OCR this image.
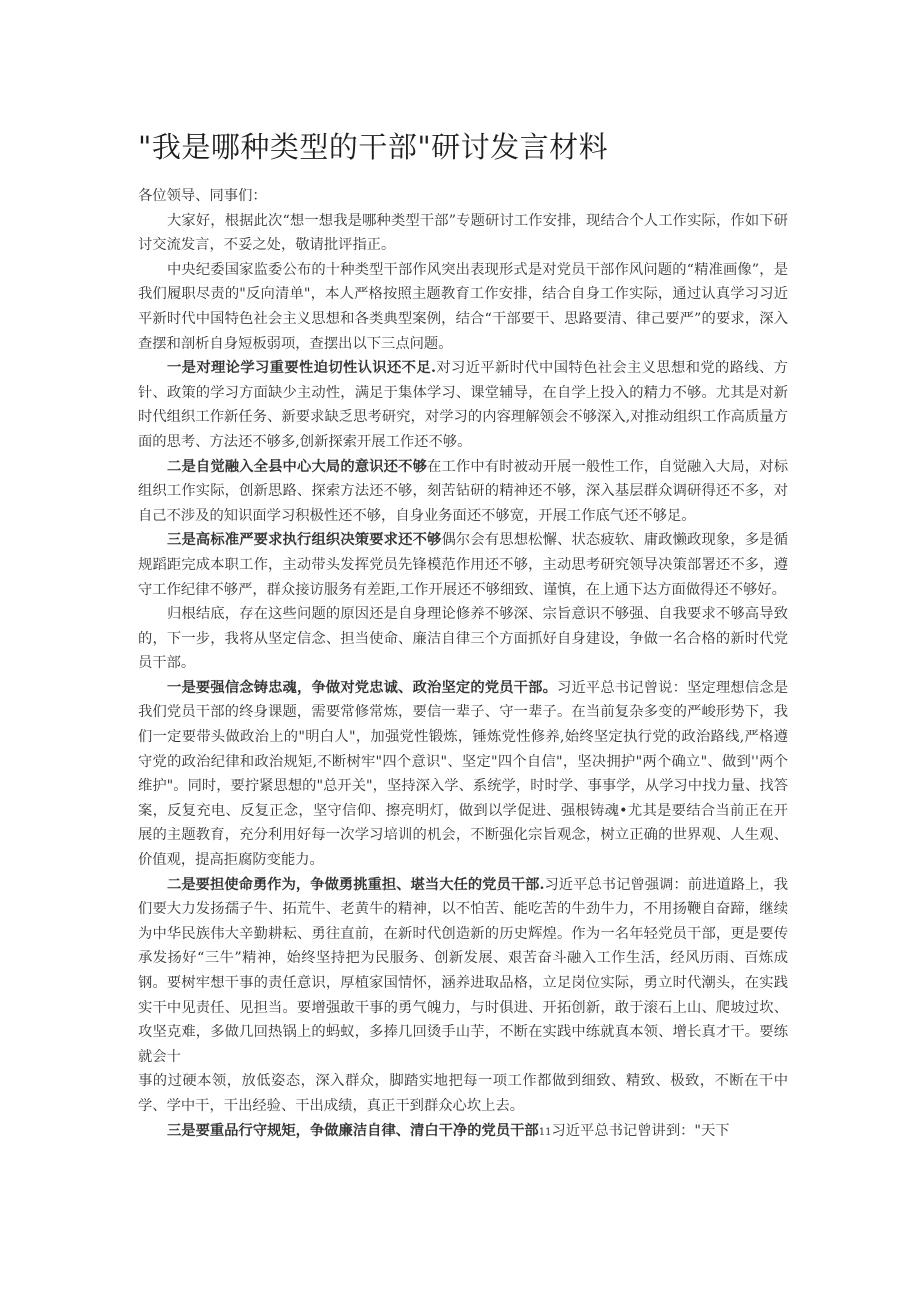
"我是哪种类型的干部"研讨发言材料

各位领导、同事们：

大家好，根据此次“想一想我是哪种类型干部”专题研讨工作安排，现结合个人工作实际，作如下研讨交流发言，不妥之处，敬请批评指正。

中央纪委国家监委公布的十种类型干部作风突出表现形式是对党员干部作风问题的“精准画像”，是我们履职尽责的"反向清单"，本人严格按照主题教育工作安排，结合自身工作实际，通过认真学习习近平新时代中国特色社会主义思想和各类典型案例，结合“干部要干、思路要清、律己要严”的要求，深入查摆和剖析自身短板弱项，查摆出以下三点问题。

一是对理论学习重要性迫切性认识还不足.对习近平新时代中国特色社会主义思想和党的路线、方针、政策的学习方面缺少主动性，满足于集体学习、课堂辅导，在自学上投入的精力不够。尤其是对新时代组织工作新任务、新要求缺乏思考研究，对学习的内容理解领会不够深入,对推动组织工作高质量方面的思考、方法还不够多,创新探索开展工作还不够。

二是自觉融入全县中心大局的意识还不够在工作中有时被动开展一般性工作，自觉融入大局，对标组织工作实际，创新思路、探索方法还不够，刻苦钻研的精神还不够，深入基层群众调研得还不多，对自己不涉及的知识面学习积极性还不够，自身业务面还不够宽，开展工作底气还不够足。

三是高标准严要求执行组织决策要求还不够偶尔会有思想松懈、状态疲软、庸政懒政现象，多是循规蹈距完成本职工作，主动带头发挥党员先锋模范作用还不够，主动思考研究领导决策部署还不多，遵守工作纪律不够严，群众接访服务有差距,工作开展还不够细致、谨慎，在上通下达方面做得还不够好。

归根结底，存在这些问题的原因还是自身理论修养不够深、宗旨意识不够强、自我要求不够高导致的，下一步，我将从坚定信念、担当使命、廉洁自律三个方面抓好自身建设，争做一名合格的新时代党员干部。

一是要强信念铸忠魂，争做对党忠诚、政治坚定的党员干部。习近平总书记曾说：坚定理想信念是我们党员干部的终身课题，需要常修常炼，要信一辈子、守一辈子。在当前复杂多变的严峻形势下，我们一定要带头做政治上的"明白人"，加强党性锻炼，锤炼党性修养,始终坚定执行党的政治路线,严格遵守党的政治纪律和政治规矩,不断树牢"四个意识"、坚定"四个自信"，坚决拥护"两个确立"、做到''两个维护"。同时，要拧紧思想的"总开关"，坚持深入学、系统学，时时学、事事学，从学习中找力量、找答案，反复充电、反复正念，坚守信仰、擦亮明灯，做到以学促进、强根铸魂•尤其是要结合当前正在开展的主题教育，充分利用好每一次学习培训的机会，不断强化宗旨观念，树立正确的世界观、人生观、价值观，提高拒腐防变能力。

二是要担使命勇作为，争做勇挑重担、堪当大任的党员干部.习近平总书记曾强调：前进道路上，我们要大力发扬孺子牛、拓荒牛、老黄牛的精神，以不怕苦、能吃苦的牛劲牛力，不用扬鞭自奋蹄，继续为中华民族伟大辛勤耕耘、勇往直前，在新时代创造新的历史辉煌。作为一名年轻党员干部，更是要传承发扬好“三牛”精神，始终坚持把为民服务、创新发展、艰苦奋斗融入工作生活，经风历雨、百炼成钢。要树牢想干事的责任意识，厚植家国情怀，涵养进取品格，立足岗位实际，勇立时代潮头，在实践实干中见责任、见担当。要增强敢干事的勇气魄力，与时俱进、开拓创新，敢于滚石上山、爬坡过坎、攻坚克难，多做几回热锅上的蚂蚁，多捧几回烫手山芋，不断在实践中练就真本领、增长真才干。要练就会十

事的过硬本领，放低姿态，深入群众，脚踏实地把每一项工作都做到细致、精致、极致，不断在干中学、学中干，干出经验、干出成绩，真正干到群众心坎上去。

三是要重品行守规矩，争做廉洁自律、清白干净的党员干部11习近平总书记曾讲到："天下
